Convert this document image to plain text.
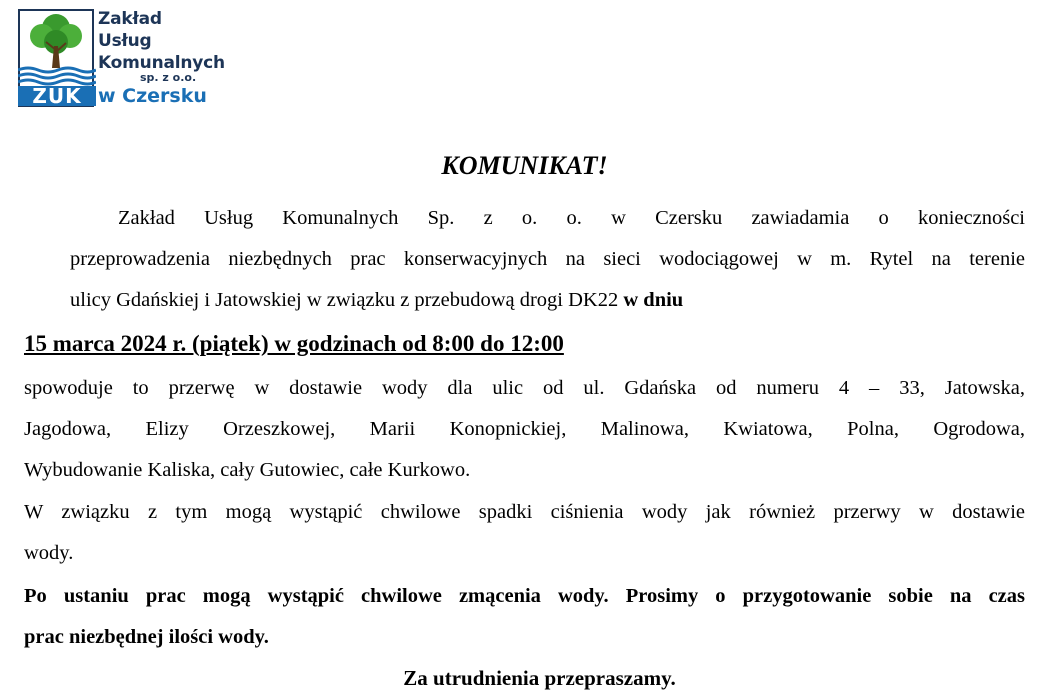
ZUK
Zakład
Usług
Komunalnych
sp. z o.o.
w Czersku
KOMUNIKAT!
Zakład Usług Komunalnych Sp. z o. o. w Czersku zawiadamia o konieczności
przeprowadzenia niezbędnych prac konserwacyjnych na sieci wodociągowej w m. Rytel na terenie
ulicy Gdańskiej i Jatowskiej w związku z przebudową drogi DK22 w dniu
15 marca 2024 r. (piątek) w godzinach od 8:00 do 12:00
spowoduje to przerwę w dostawie wody dla ulic od ul. Gdańska od numeru 4 – 33, Jatowska,
Jagodowa, Elizy Orzeszkowej, Marii Konopnickiej, Malinowa, Kwiatowa, Polna, Ogrodowa,
Wybudowanie Kaliska, cały Gutowiec, całe Kurkowo.
W związku z tym mogą wystąpić chwilowe spadki ciśnienia wody jak również przerwy w dostawie
wody.
Po ustaniu prac mogą wystąpić chwilowe zmącenia wody. Prosimy o przygotowanie sobie na czas
prac niezbędnej ilości wody.
Za utrudnienia przepraszamy.
